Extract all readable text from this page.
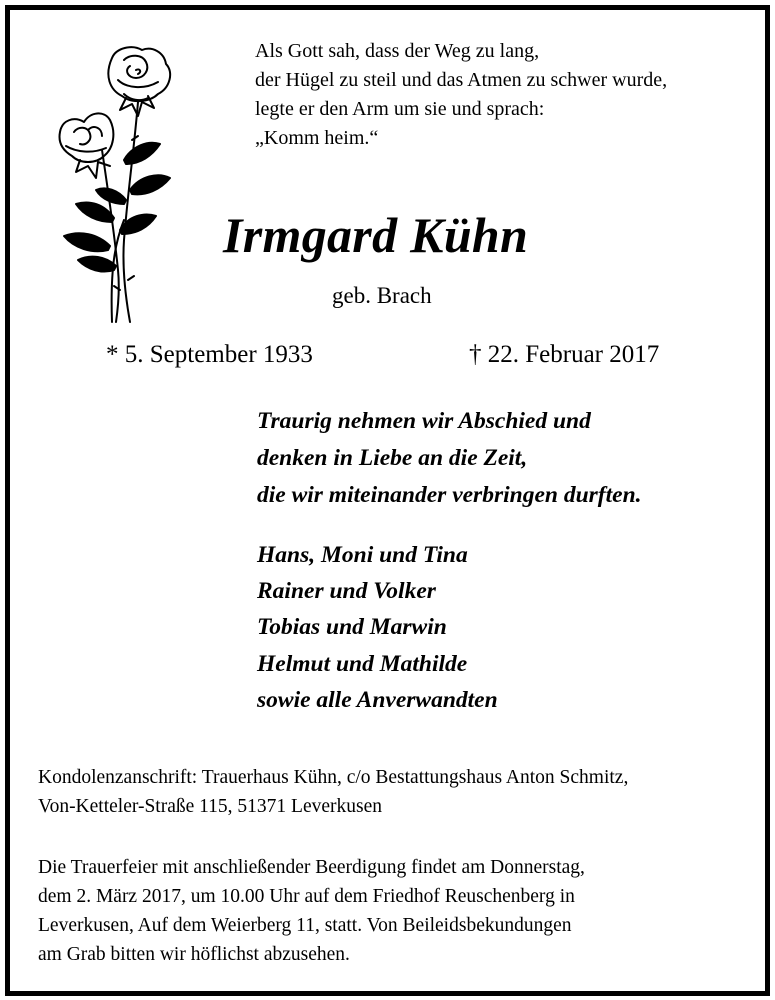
Als Gott sah, dass der Weg zu lang,
der Hügel zu steil und das Atmen zu schwer wurde,
legte er den Arm um sie und sprach:
„Komm heim.“
Irmgard Kühn
geb. Brach
* 5. September 1933	† 22. Februar 2017
Traurig nehmen wir Abschied und
denken in Liebe an die Zeit,
die wir miteinander verbringen durften.
Hans, Moni und Tina
Rainer und Volker
Tobias und Marwin
Helmut und Mathilde
sowie alle Anverwandten
Kondolenzanschrift: Trauerhaus Kühn, c/o Bestattungshaus Anton Schmitz,
Von-Ketteler-Straße 115, 51371 Leverkusen
Die Trauerfeier mit anschließender Beerdigung findet am Donnerstag,
dem 2. März 2017, um 10.00 Uhr auf dem Friedhof Reuschenberg in
Leverkusen, Auf dem Weierberg 11, statt. Von Beileidsbekundungen
am Grab bitten wir höflichst abzusehen.
